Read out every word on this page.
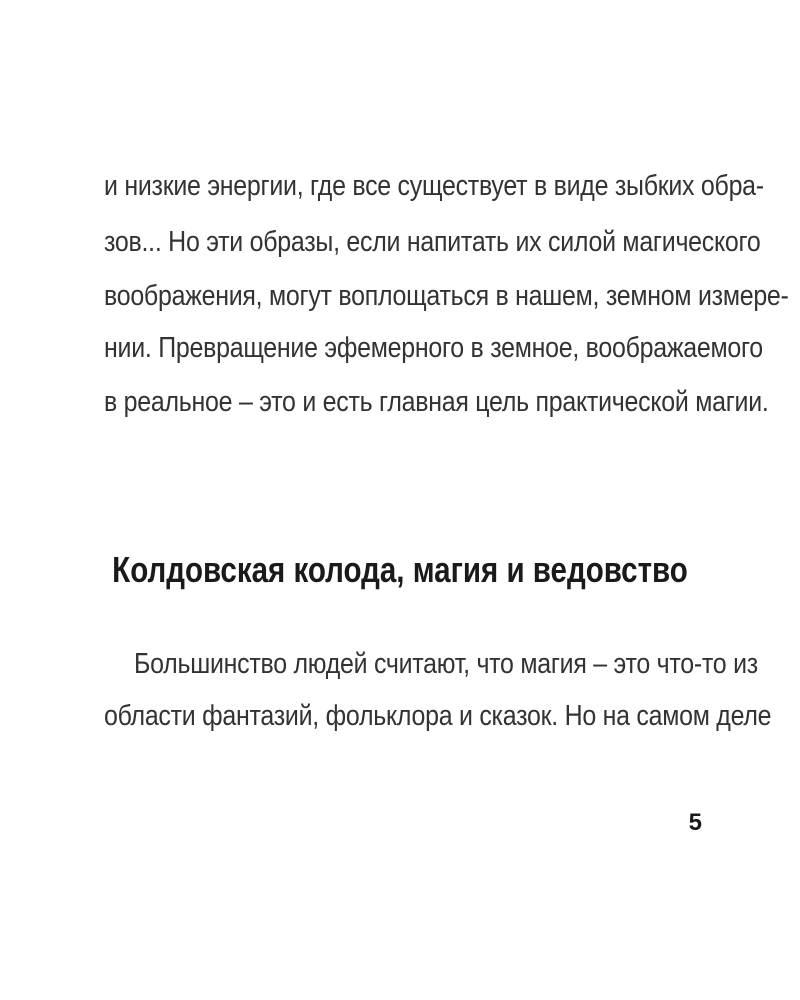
и низкие энергии, где все существует в виде зыбких обра-
зов... Но эти образы, если напитать их силой магического
воображения, могут воплощаться в нашем, земном измере-
нии. Превращение эфемерного в земное, воображаемого
в реальное – это и есть главная цель практической магии.
Колдовская колода, магия и ведовство
Большинство людей считают, что магия – это что-то из
области фантазий, фольклора и сказок. Но на самом деле
5
